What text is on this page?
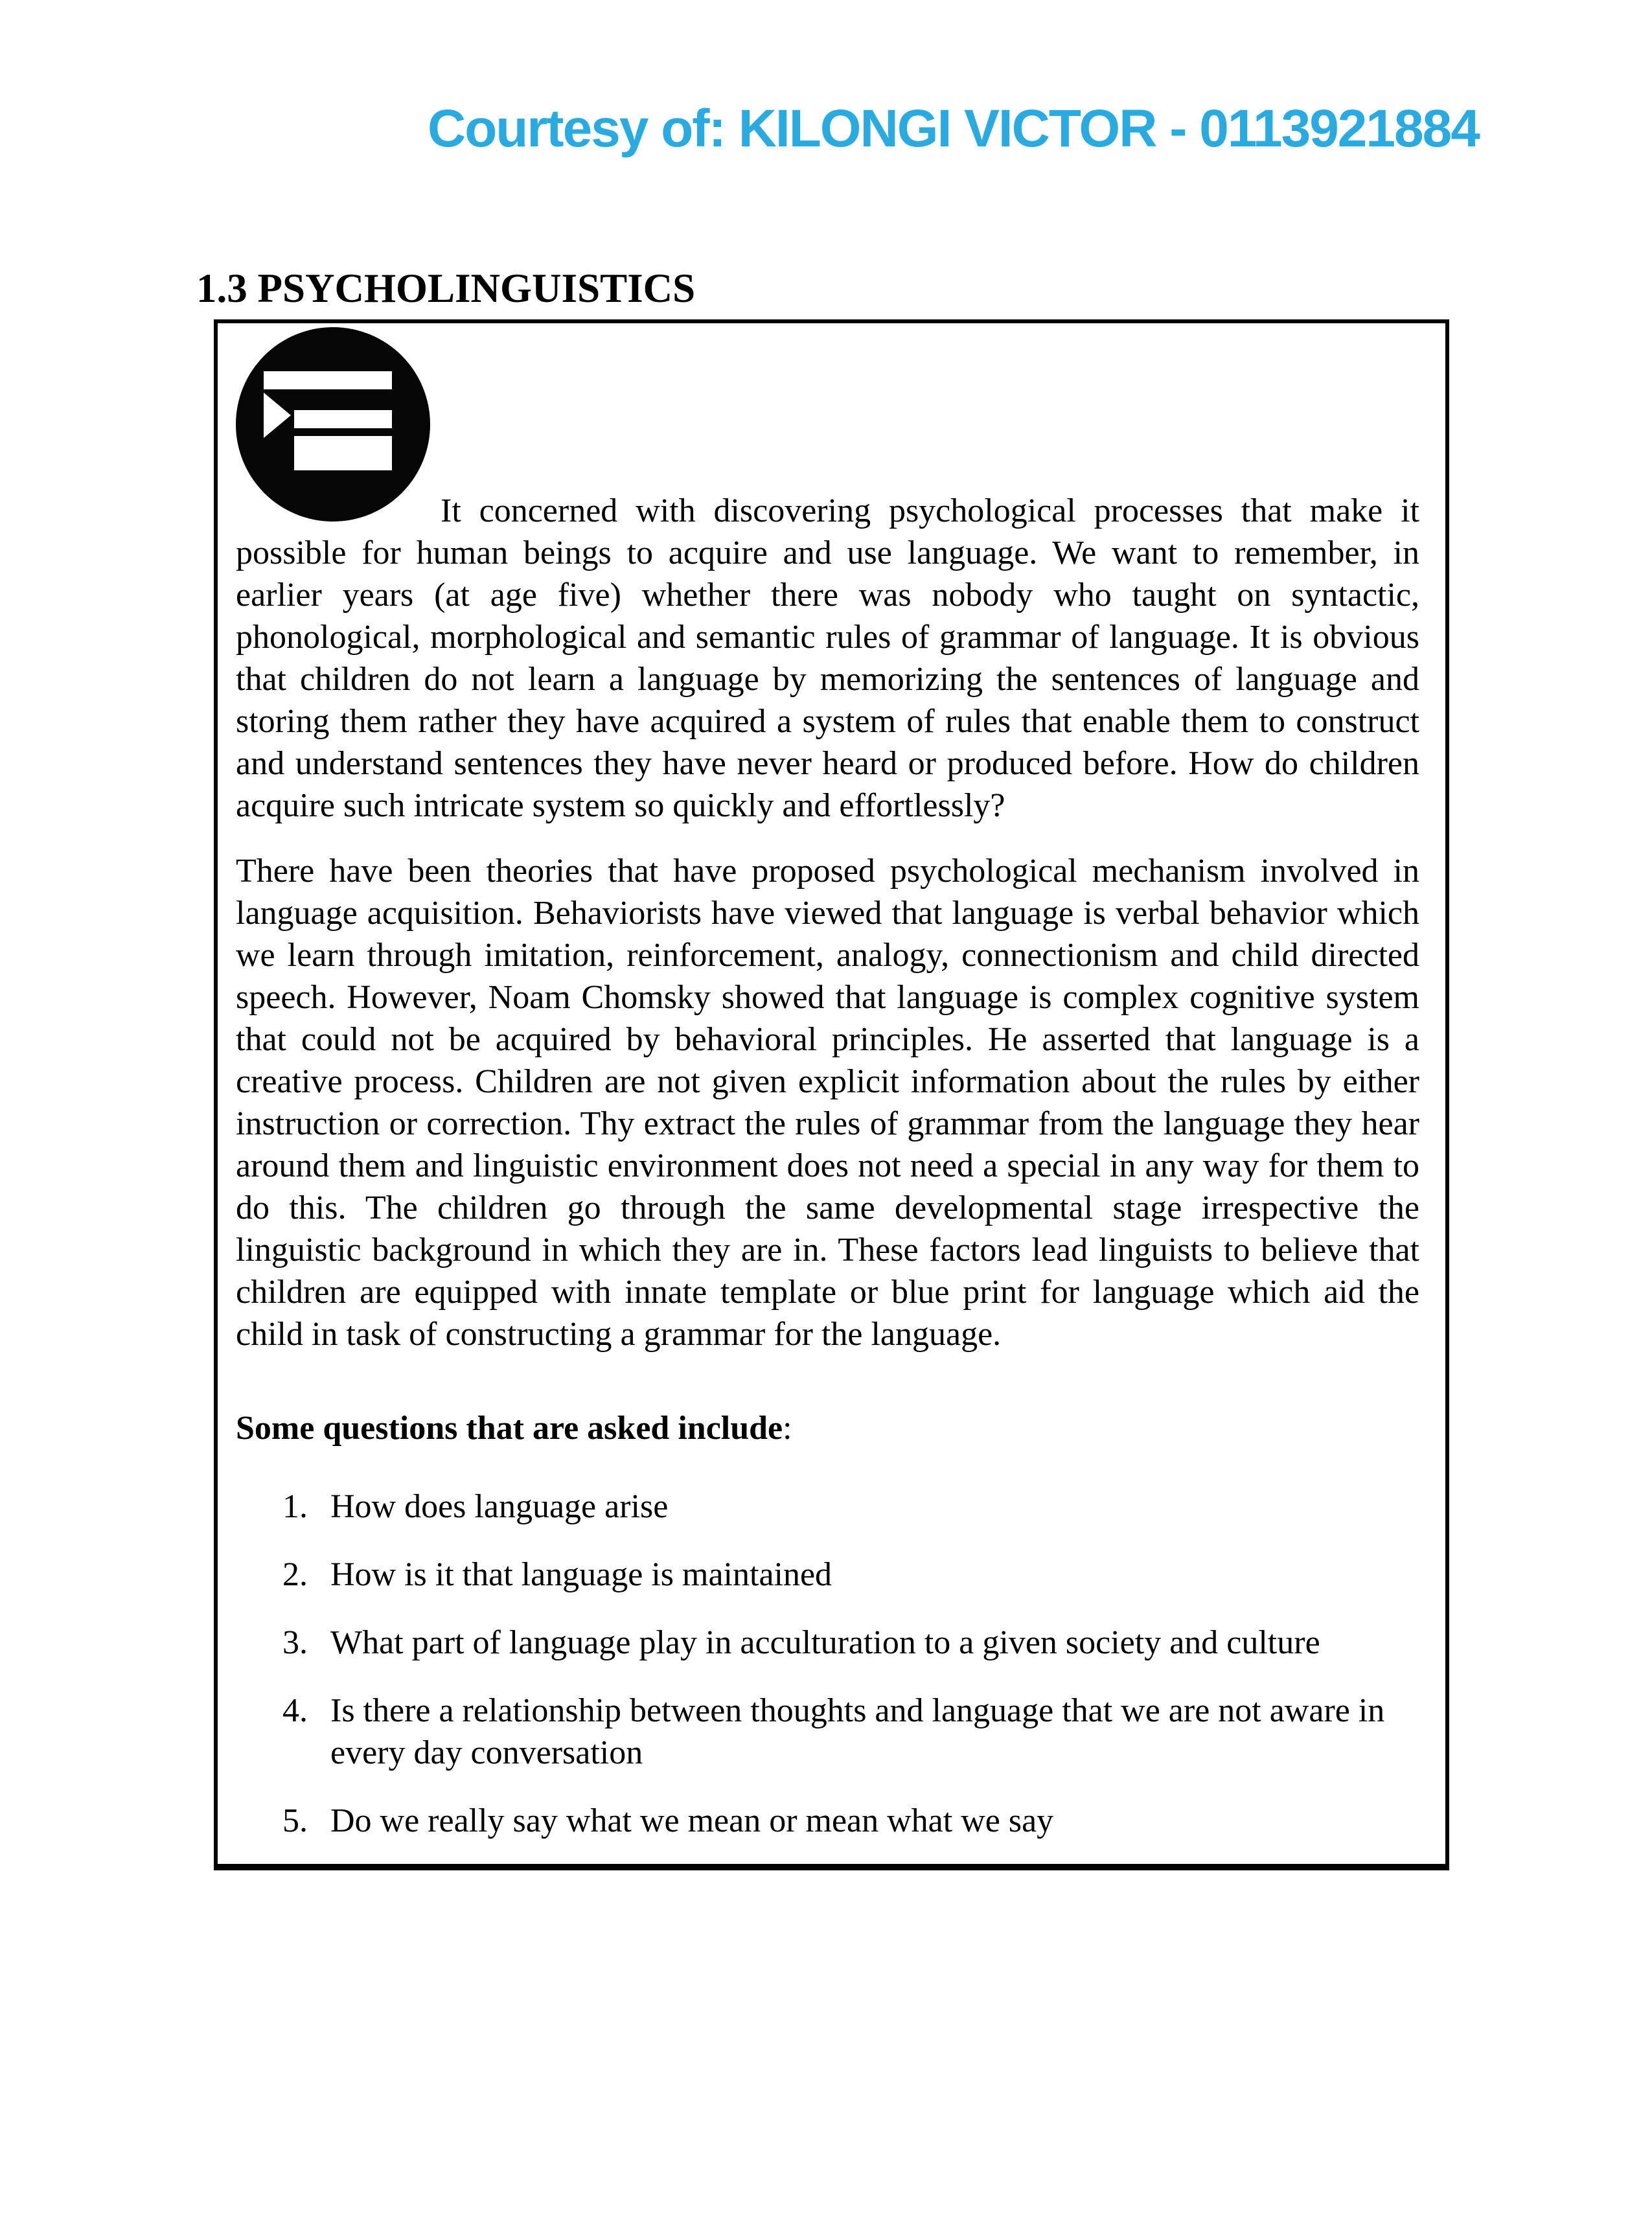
Courtesy of: KILONGI VICTOR - 0113921884
1.3 PSYCHOLINGUISTICS

It concerned with discovering psychological processes that make it possible for human beings to acquire and use language. We want to remember, in earlier years (at age five) whether there was nobody who taught on syntactic, phonological, morphological and semantic rules of grammar of language. It is obvious that children do not learn a language by memorizing the sentences of language and storing them rather they have acquired a system of rules that enable them to construct and understand sentences they have never heard or produced before. How do children acquire such intricate system so quickly and effortlessly?

There have been theories that have proposed psychological mechanism involved in language acquisition. Behaviorists have viewed that language is verbal behavior which we learn through imitation, reinforcement, analogy, connectionism and child directed speech. However, Noam Chomsky showed that language is complex cognitive system that could not be acquired by behavioral principles. He asserted that language is a creative process. Children are not given explicit information about the rules by either instruction or correction. Thy extract the rules of grammar from the language they hear around them and linguistic environment does not need a special in any way for them to do this. The children go through the same developmental stage irrespective the linguistic background in which they are in. These factors lead linguists to believe that children are equipped with innate template or blue print for language which aid the child in task of constructing a grammar for the language.

Some questions that are asked include:

1. How does language arise
2. How is it that language is maintained
3. What part of language play in acculturation to a given society and culture
4. Is there a relationship between thoughts and language that we are not aware in every day conversation
5. Do we really say what we mean or mean what we say
